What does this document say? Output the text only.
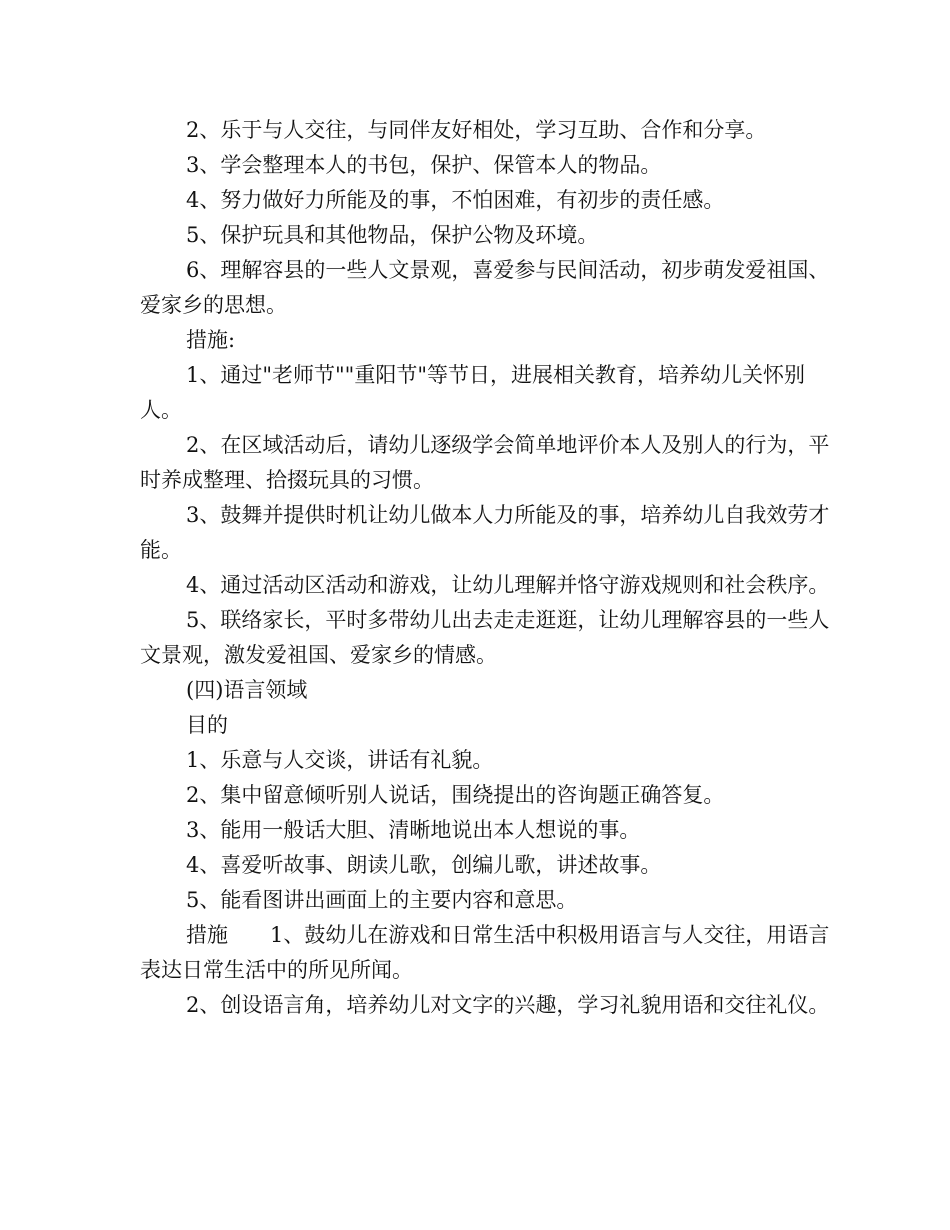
2、乐于与人交往，与同伴友好相处，学习互助、合作和分享。

3、学会整理本人的书包，保护、保管本人的物品。

4、努力做好力所能及的事，不怕困难，有初步的责任感。

5、保护玩具和其他物品，保护公物及环境。

6、理解容县的一些人文景观，喜爱参与民间活动，初步萌发爱祖国、爱家乡的思想。

措施:

1、通过"老师节""重阳节"等节日，进展相关教育，培养幼儿关怀别人。

2、在区域活动后，请幼儿逐级学会简单地评价本人及别人的行为，平时养成整理、拾掇玩具的习惯。

3、鼓舞并提供时机让幼儿做本人力所能及的事，培养幼儿自我效劳才能。

4、通过活动区活动和游戏，让幼儿理解并恪守游戏规则和社会秩序。

5、联络家长，平时多带幼儿出去走走逛逛，让幼儿理解容县的一些人文景观，激发爱祖国、爱家乡的情感。

(四)语言领域

目的

1、乐意与人交谈，讲话有礼貌。

2、集中留意倾听别人说话，围绕提出的咨询题正确答复。

3、能用一般话大胆、清晰地说出本人想说的事。

4、喜爱听故事、朗读儿歌，创编儿歌，讲述故事。

5、能看图讲出画面上的主要内容和意思。

措施 1、鼓幼儿在游戏和日常生活中积极用语言与人交往，用语言表达日常生活中的所见所闻。

2、创设语言角，培养幼儿对文字的兴趣，学习礼貌用语和交往礼仪。
